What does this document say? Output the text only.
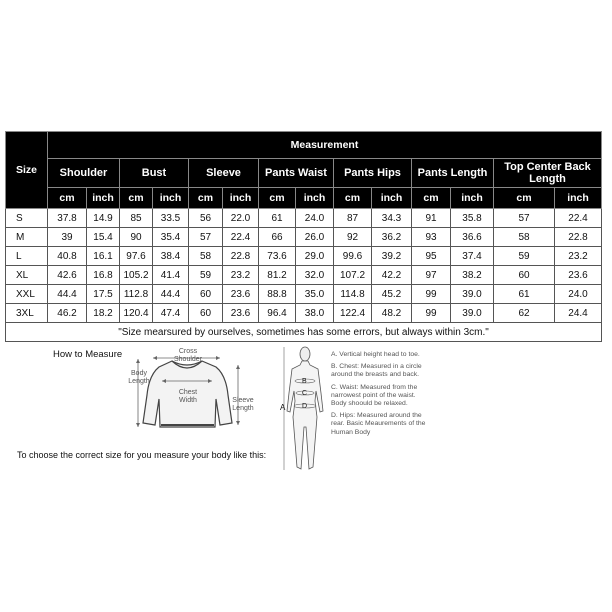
Size	Measurement													
	Shoulder		Bust		Sleeve		Pants Waist		Pants Hips		Pants Length		Top Center Back Length	
	cm	inch	cm	inch	cm	inch	cm	inch	cm	inch	cm	inch	cm	inch
S	37.8	14.9	85	33.5	56	22.0	61	24.0	87	34.3	91	35.8	57	22.4
M	39	15.4	90	35.4	57	22.4	66	26.0	92	36.2	93	36.6	58	22.8
L	40.8	16.1	97.6	38.4	58	22.8	73.6	29.0	99.6	39.2	95	37.4	59	23.2
XL	42.6	16.8	105.2	41.4	59	23.2	81.2	32.0	107.2	42.2	97	38.2	60	23.6
XXL	44.4	17.5	112.8	44.4	60	23.6	88.8	35.0	114.8	45.2	99	39.0	61	24.0
3XL	46.2	18.2	120.4	47.4	60	23.6	96.4	38.0	122.4	48.2	99	39.0	62	24.4
"Size mearsured by ourselves, sometimes has some errors, but always within 3cm."														
How to Measure	Cross Shoulder
Body Length
Chest Width	Sleeve Length
To choose the correct size for you measure your body like this:
A
B
C
D
A. Vertical height head to toe.
B. Chest: Measured in a circle around the breasts and back.
C. Waist: Measured from the narrowest point of the waist. Body shoould be relaxed.
D. Hips: Measured around the rear. Basic Meaurements of the Human Body
